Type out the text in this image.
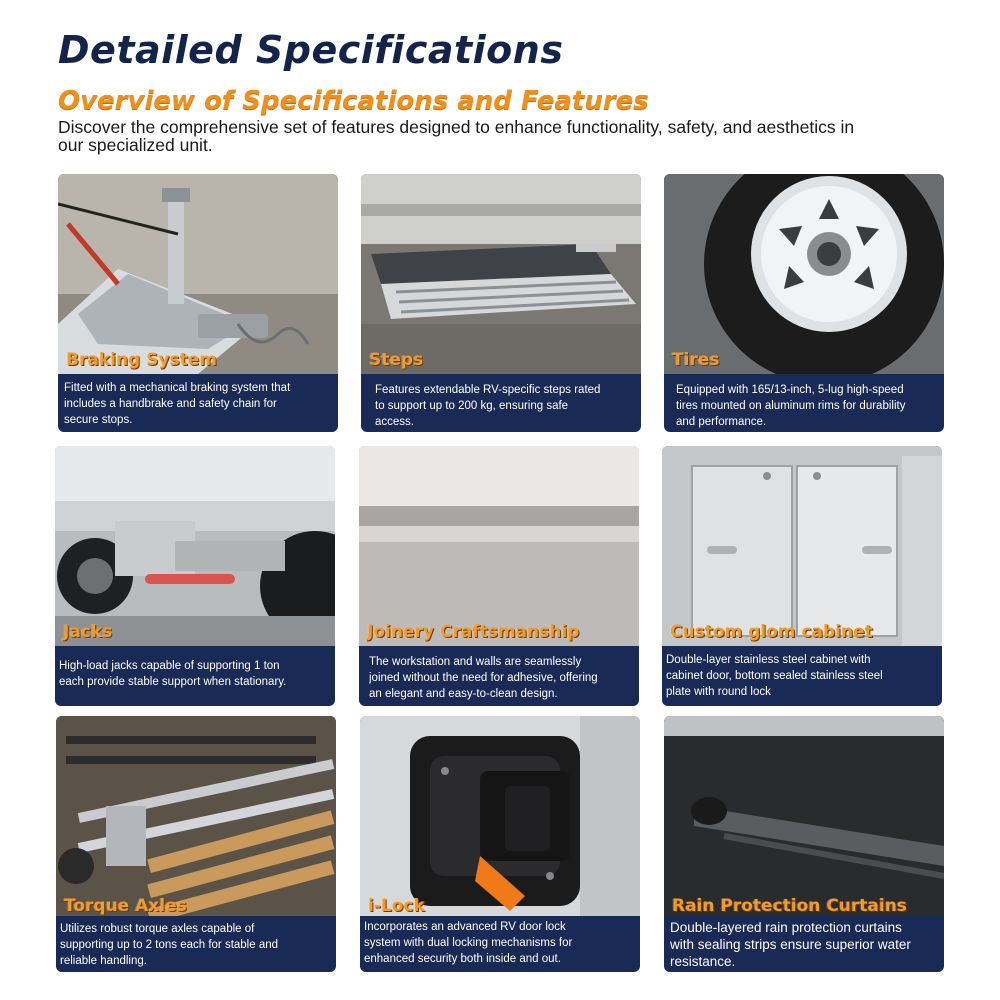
Detailed Specifications
Overview of Specifications and Features
Discover the comprehensive set of features designed to enhance functionality, safety, and aesthetics in
our specialized unit.
Braking System
Fitted with a mechanical braking system that
includes a handbrake and safety chain for
secure stops.
Steps
Features extendable RV-specific steps rated
to support up to 200 kg, ensuring safe
access.
Tires
Equipped with 165/13-inch, 5-lug high-speed
tires mounted on aluminum rims for durability
and performance.
Jacks
High-load jacks capable of supporting 1 ton
each provide stable support when stationary.
Joinery Craftsmanship
The workstation and walls are seamlessly
joined without the need for adhesive, offering
an elegant and easy-to-clean design.
Custom glom cabinet
Double-layer stainless steel cabinet with
cabinet door, bottom sealed stainless steel
plate with round lock
Torque Axles
Utilizes robust torque axles capable of
supporting up to 2 tons each for stable and
reliable handling.
i-Lock
Incorporates an advanced RV door lock
system with dual locking mechanisms for
enhanced security both inside and out.
Rain Protection Curtains
Double-layered rain protection curtains
with sealing strips ensure superior water
resistance.
